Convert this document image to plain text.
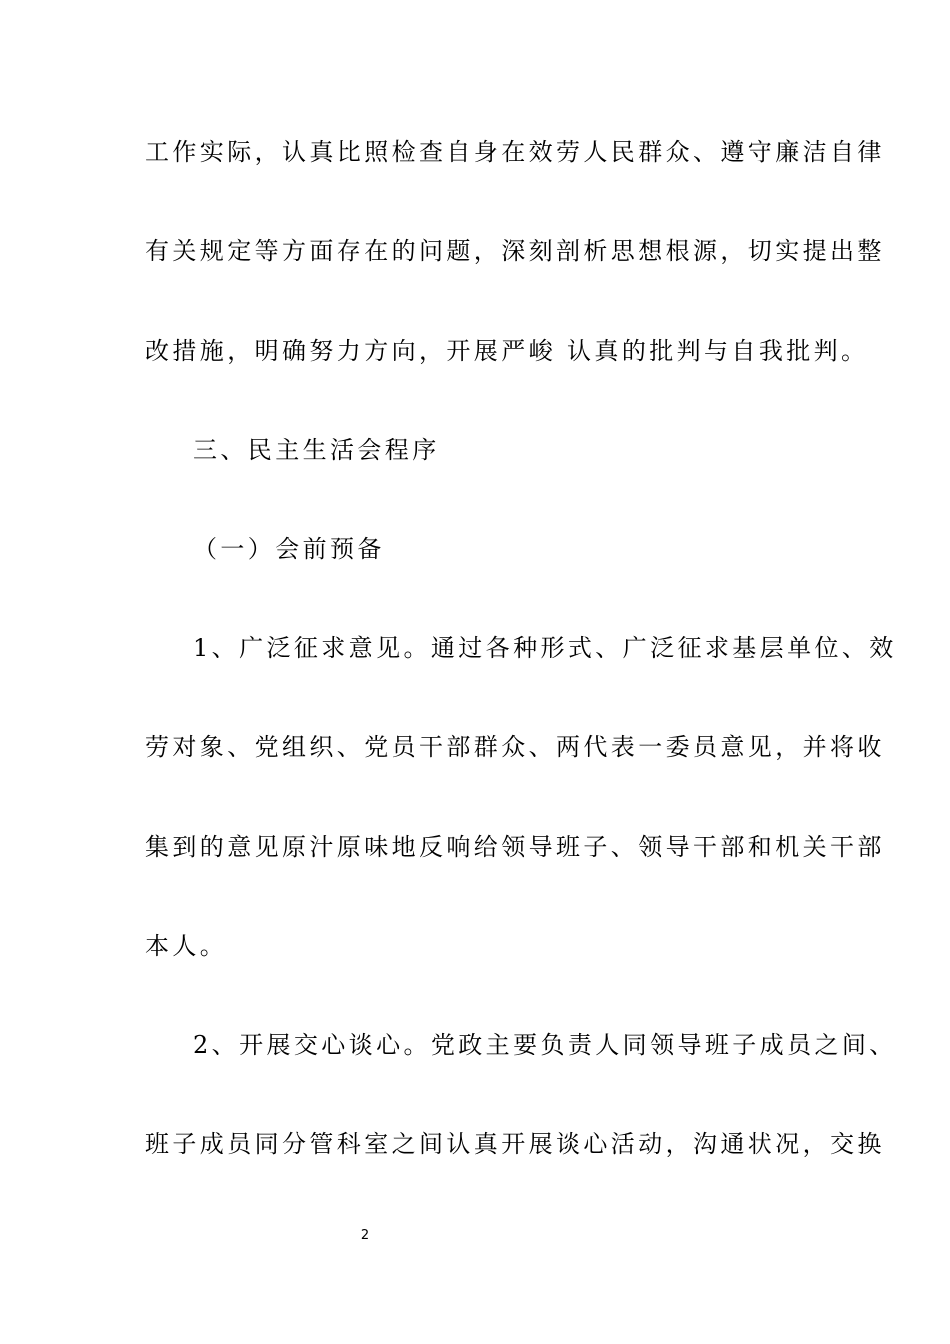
工作实际，认真比照检查自身在效劳人民群众、遵守廉洁自律
有关规定等方面存在的问题，深刻剖析思想根源，切实提出整
改措施，明确努力方向，开展严峻 认真的批判与自我批判。
三、民主生活会程序
（一）会前预备
1、广泛征求意见。通过各种形式、广泛征求基层单位、效
劳对象、党组织、党员干部群众、两代表一委员意见，并将收
集到的意见原汁原味地反响给领导班子、领导干部和机关干部
本人。
2、开展交心谈心。党政主要负责人同领导班子成员之间、
班子成员同分管科室之间认真开展谈心活动，沟通状况，交换
2
